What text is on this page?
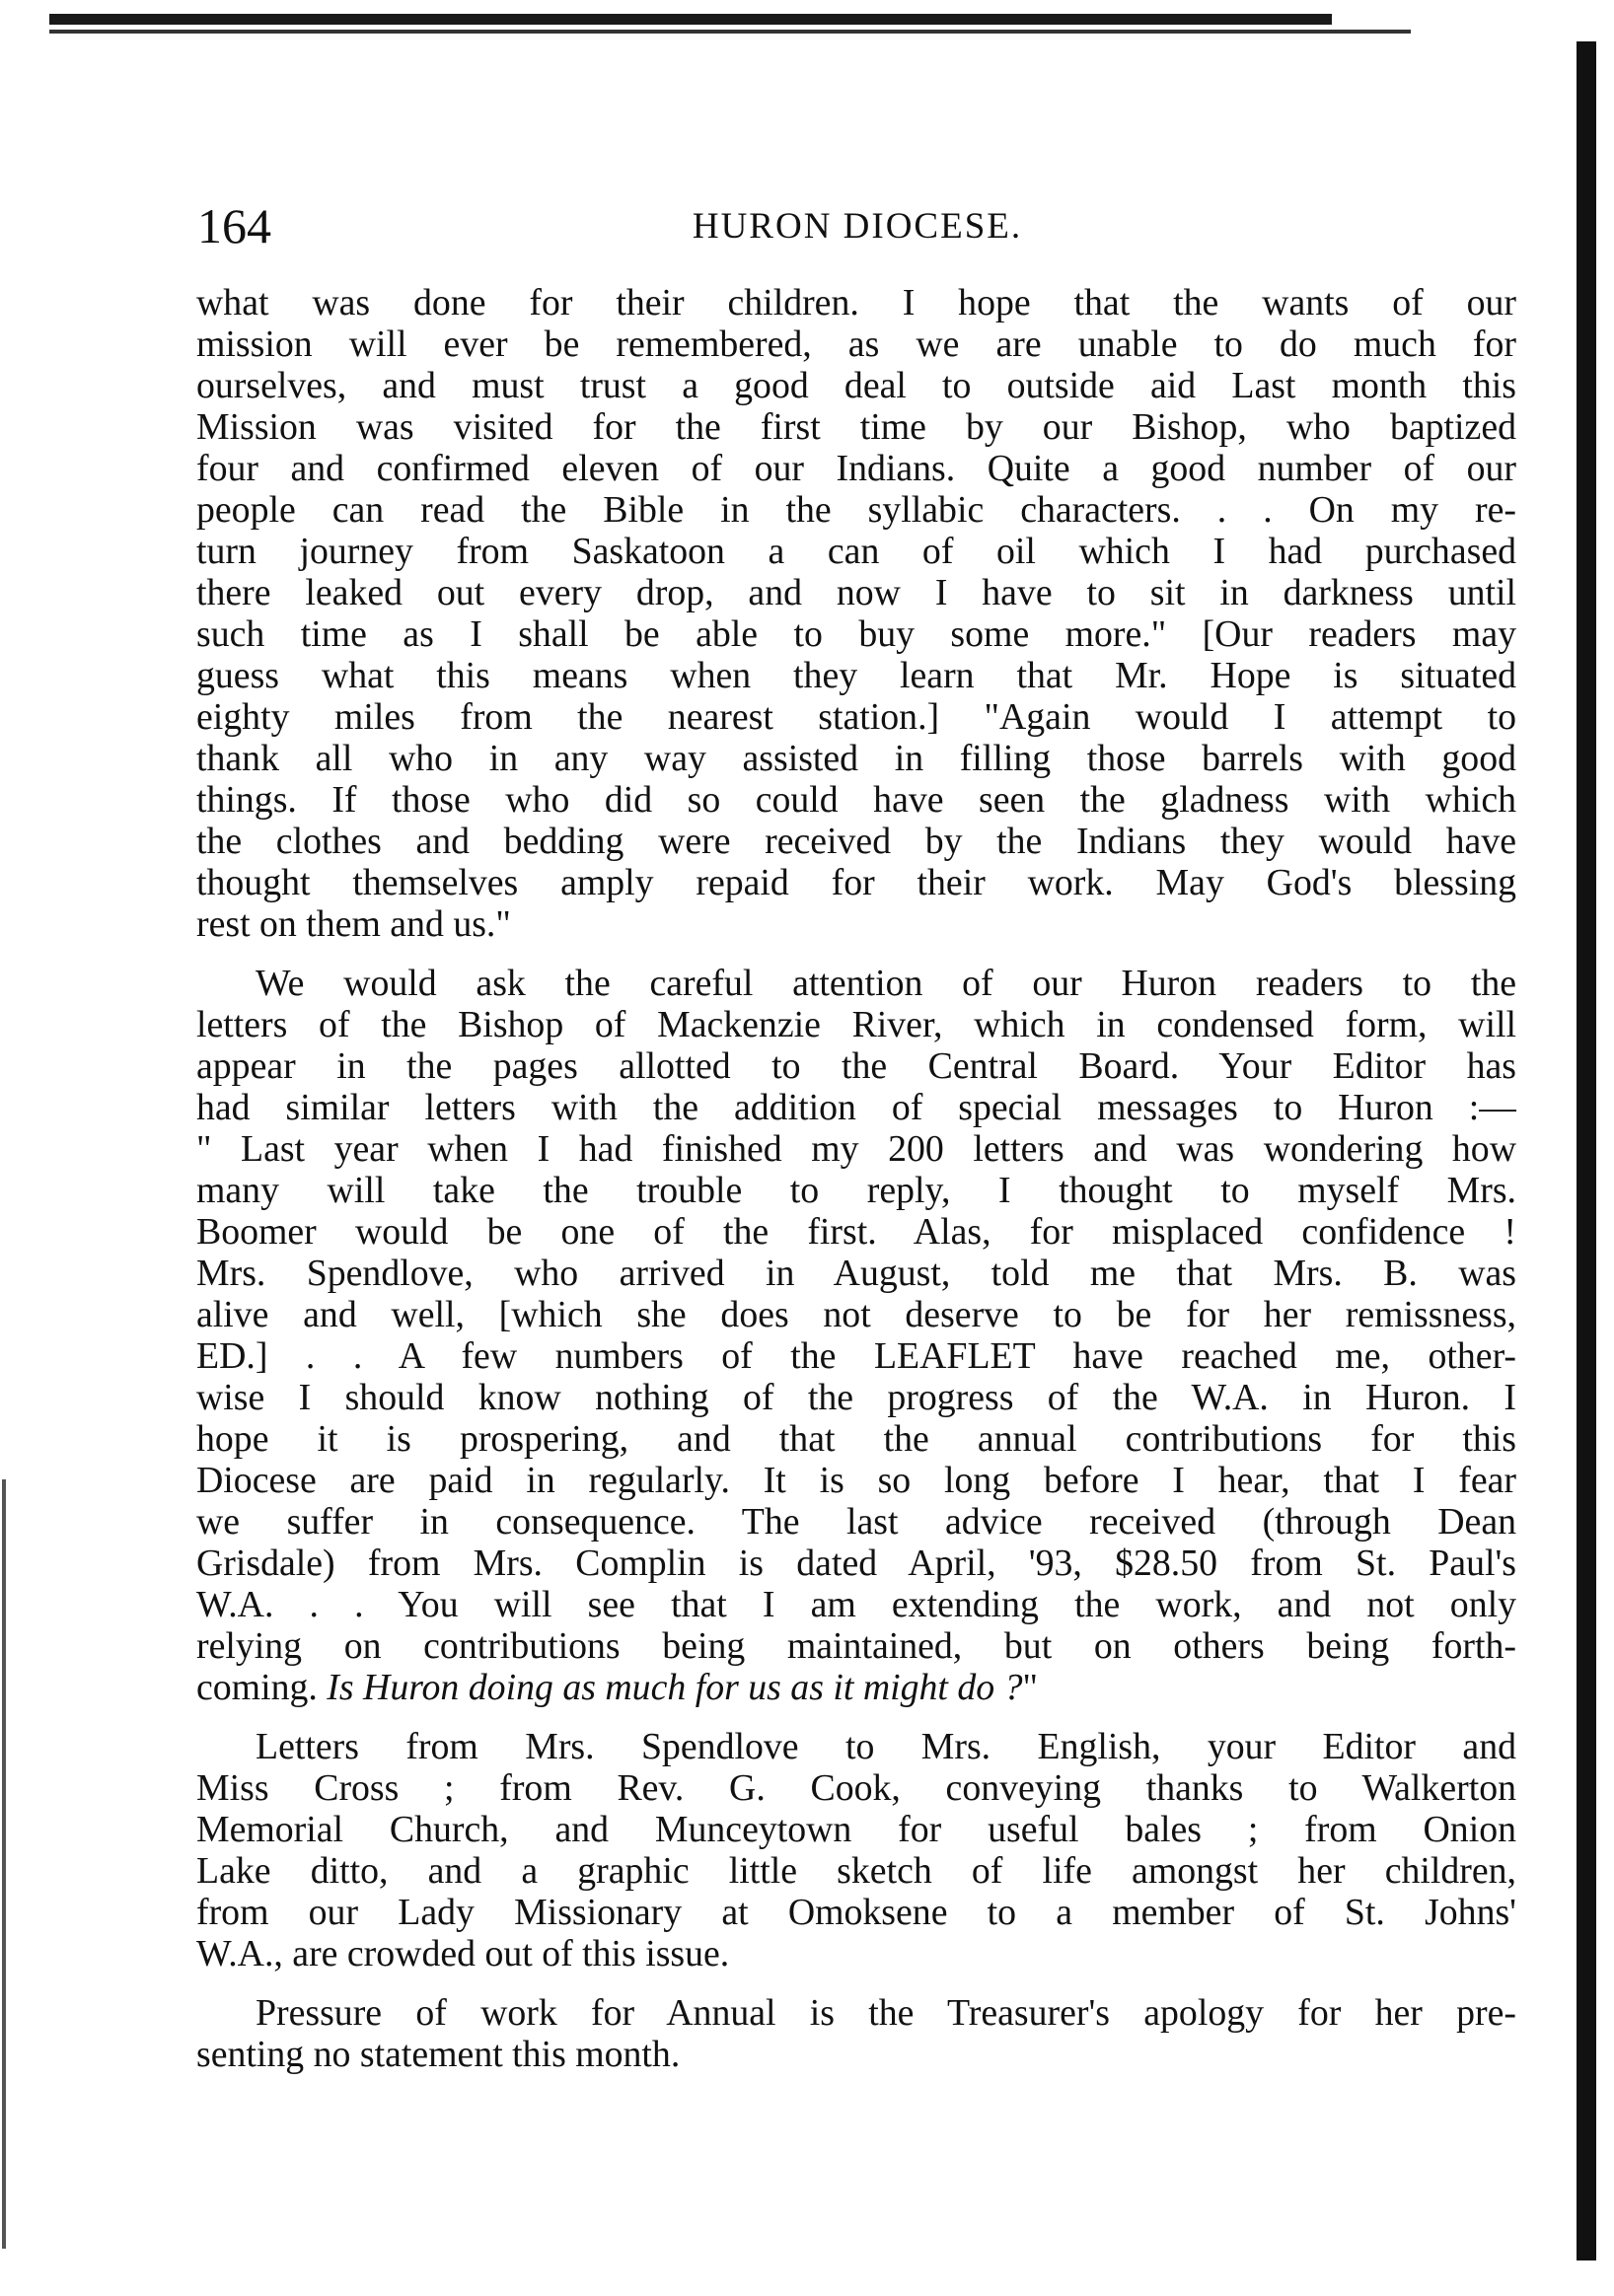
164	HURON DIOCESE.
what was done for their children. I hope that the wants of our
mission will ever be remembered, as we are unable to do much for
ourselves, and must trust a good deal to outside aid Last month this
Mission was visited for the first time by our Bishop, who baptized
four and confirmed eleven of our Indians. Quite a good number of our
people can read the Bible in the syllabic characters. . . On my re-
turn journey from Saskatoon a can of oil which I had purchased
there leaked out every drop, and now I have to sit in darkness until
such time as I shall be able to buy some more." [Our readers may
guess what this means when they learn that Mr. Hope is situated
eighty miles from the nearest station.] "Again would I attempt to
thank all who in any way assisted in filling those barrels with good
things. If those who did so could have seen the gladness with which
the clothes and bedding were received by the Indians they would have
thought themselves amply repaid for their work. May God's blessing
rest on them and us."
We would ask the careful attention of our Huron readers to the
letters of the Bishop of Mackenzie River, which in condensed form, will
appear in the pages allotted to the Central Board. Your Editor has
had similar letters with the addition of special messages to Huron :—
" Last year when I had finished my 200 letters and was wondering how
many will take the trouble to reply, I thought to myself Mrs.
Boomer would be one of the first. Alas, for misplaced confidence !
Mrs. Spendlove, who arrived in August, told me that Mrs. B. was
alive and well, [which she does not deserve to be for her remissness,
ED.] . . A few numbers of the LEAFLET have reached me, other-
wise I should know nothing of the progress of the W.A. in Huron. I
hope it is prospering, and that the annual contributions for this
Diocese are paid in regularly. It is so long before I hear, that I fear
we suffer in consequence. The last advice received (through Dean
Grisdale) from Mrs. Complin is dated April, '93, $28.50 from St. Paul's
W.A. . . You will see that I am extending the work, and not only
relying on contributions being maintained, but on others being forth-
coming. Is Huron doing as much for us as it might do ?"
Letters from Mrs. Spendlove to Mrs. English, your Editor and
Miss Cross ; from Rev. G. Cook, conveying thanks to Walkerton
Memorial Church, and Munceytown for useful bales ; from Onion
Lake ditto, and a graphic little sketch of life amongst her children,
from our Lady Missionary at Omoksene to a member of St. Johns'
W.A., are crowded out of this issue.
Pressure of work for Annual is the Treasurer's apology for her pre-
senting no statement this month.
